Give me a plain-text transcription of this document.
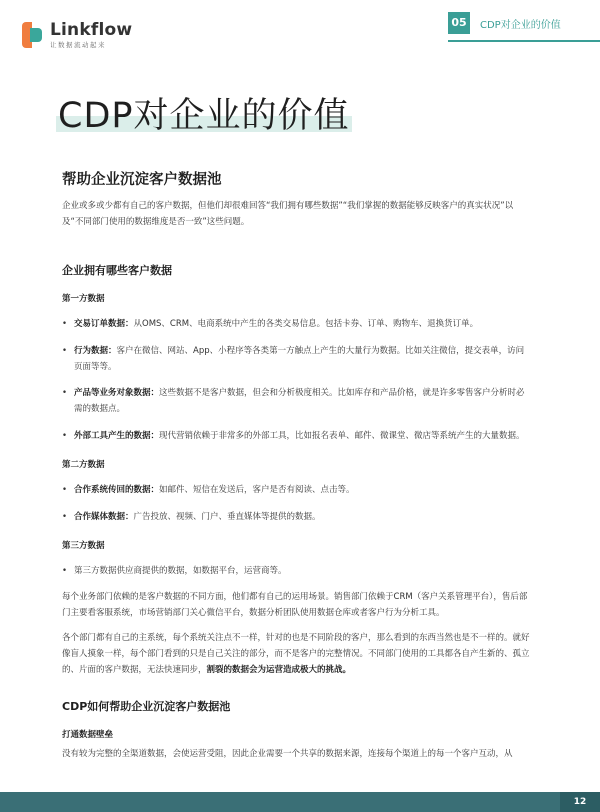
Linkflow
让数据流动起来
05	CDP对企业的价值
CDP对企业的价值
帮助企业沉淀客户数据池
企业或多或少都有自己的客户数据，但他们却很难回答“我们拥有哪些数据”“我们掌握的数据能够反映客户的真实状况”以及“不同部门使用的数据维度是否一致”这些问题。
企业拥有哪些客户数据
第一方数据
• 交易订单数据：从OMS、CRM、电商系统中产生的各类交易信息。包括卡券、订单、购物车、退换货订单。
• 行为数据：客户在微信、网站、App、小程序等各类第一方触点上产生的大量行为数据。比如关注微信，提交表单，访问页面等等。
• 产品等业务对象数据：这些数据不是客户数据，但会和分析极度相关。比如库存和产品价格，就是许多零售客户分析时必需的数据点。
• 外部工具产生的数据：现代营销依赖于非常多的外部工具，比如报名表单、邮件、微课堂、微店等系统产生的大量数据。
第二方数据
• 合作系统传回的数据：如邮件、短信在发送后，客户是否有阅读、点击等。
• 合作媒体数据：广告投放、视频、门户、垂直媒体等提供的数据。
第三方数据
• 第三方数据供应商提供的数据，如数据平台，运营商等。
每个业务部门依赖的是客户数据的不同方面，他们都有自己的运用场景。销售部门依赖于CRM（客户关系管理平台），售后部门主要看客服系统，市场营销部门关心微信平台，数据分析团队使用数据仓库或者客户行为分析工具。
各个部门都有自己的主系统，每个系统关注点不一样，针对的也是不同阶段的客户，那么看到的东西当然也是不一样的。就好像盲人摸象一样，每个部门看到的只是自己关注的部分，而不是客户的完整情况。不同部门使用的工具都各自产生新的、孤立的、片面的客户数据，无法快速同步，割裂的数据会为运营造成极大的挑战。
CDP如何帮助企业沉淀客户数据池
打通数据壁垒
没有较为完整的全渠道数据，会使运营受阻，因此企业需要一个共享的数据来源，连接每个渠道上的每一个客户互动，从
12
